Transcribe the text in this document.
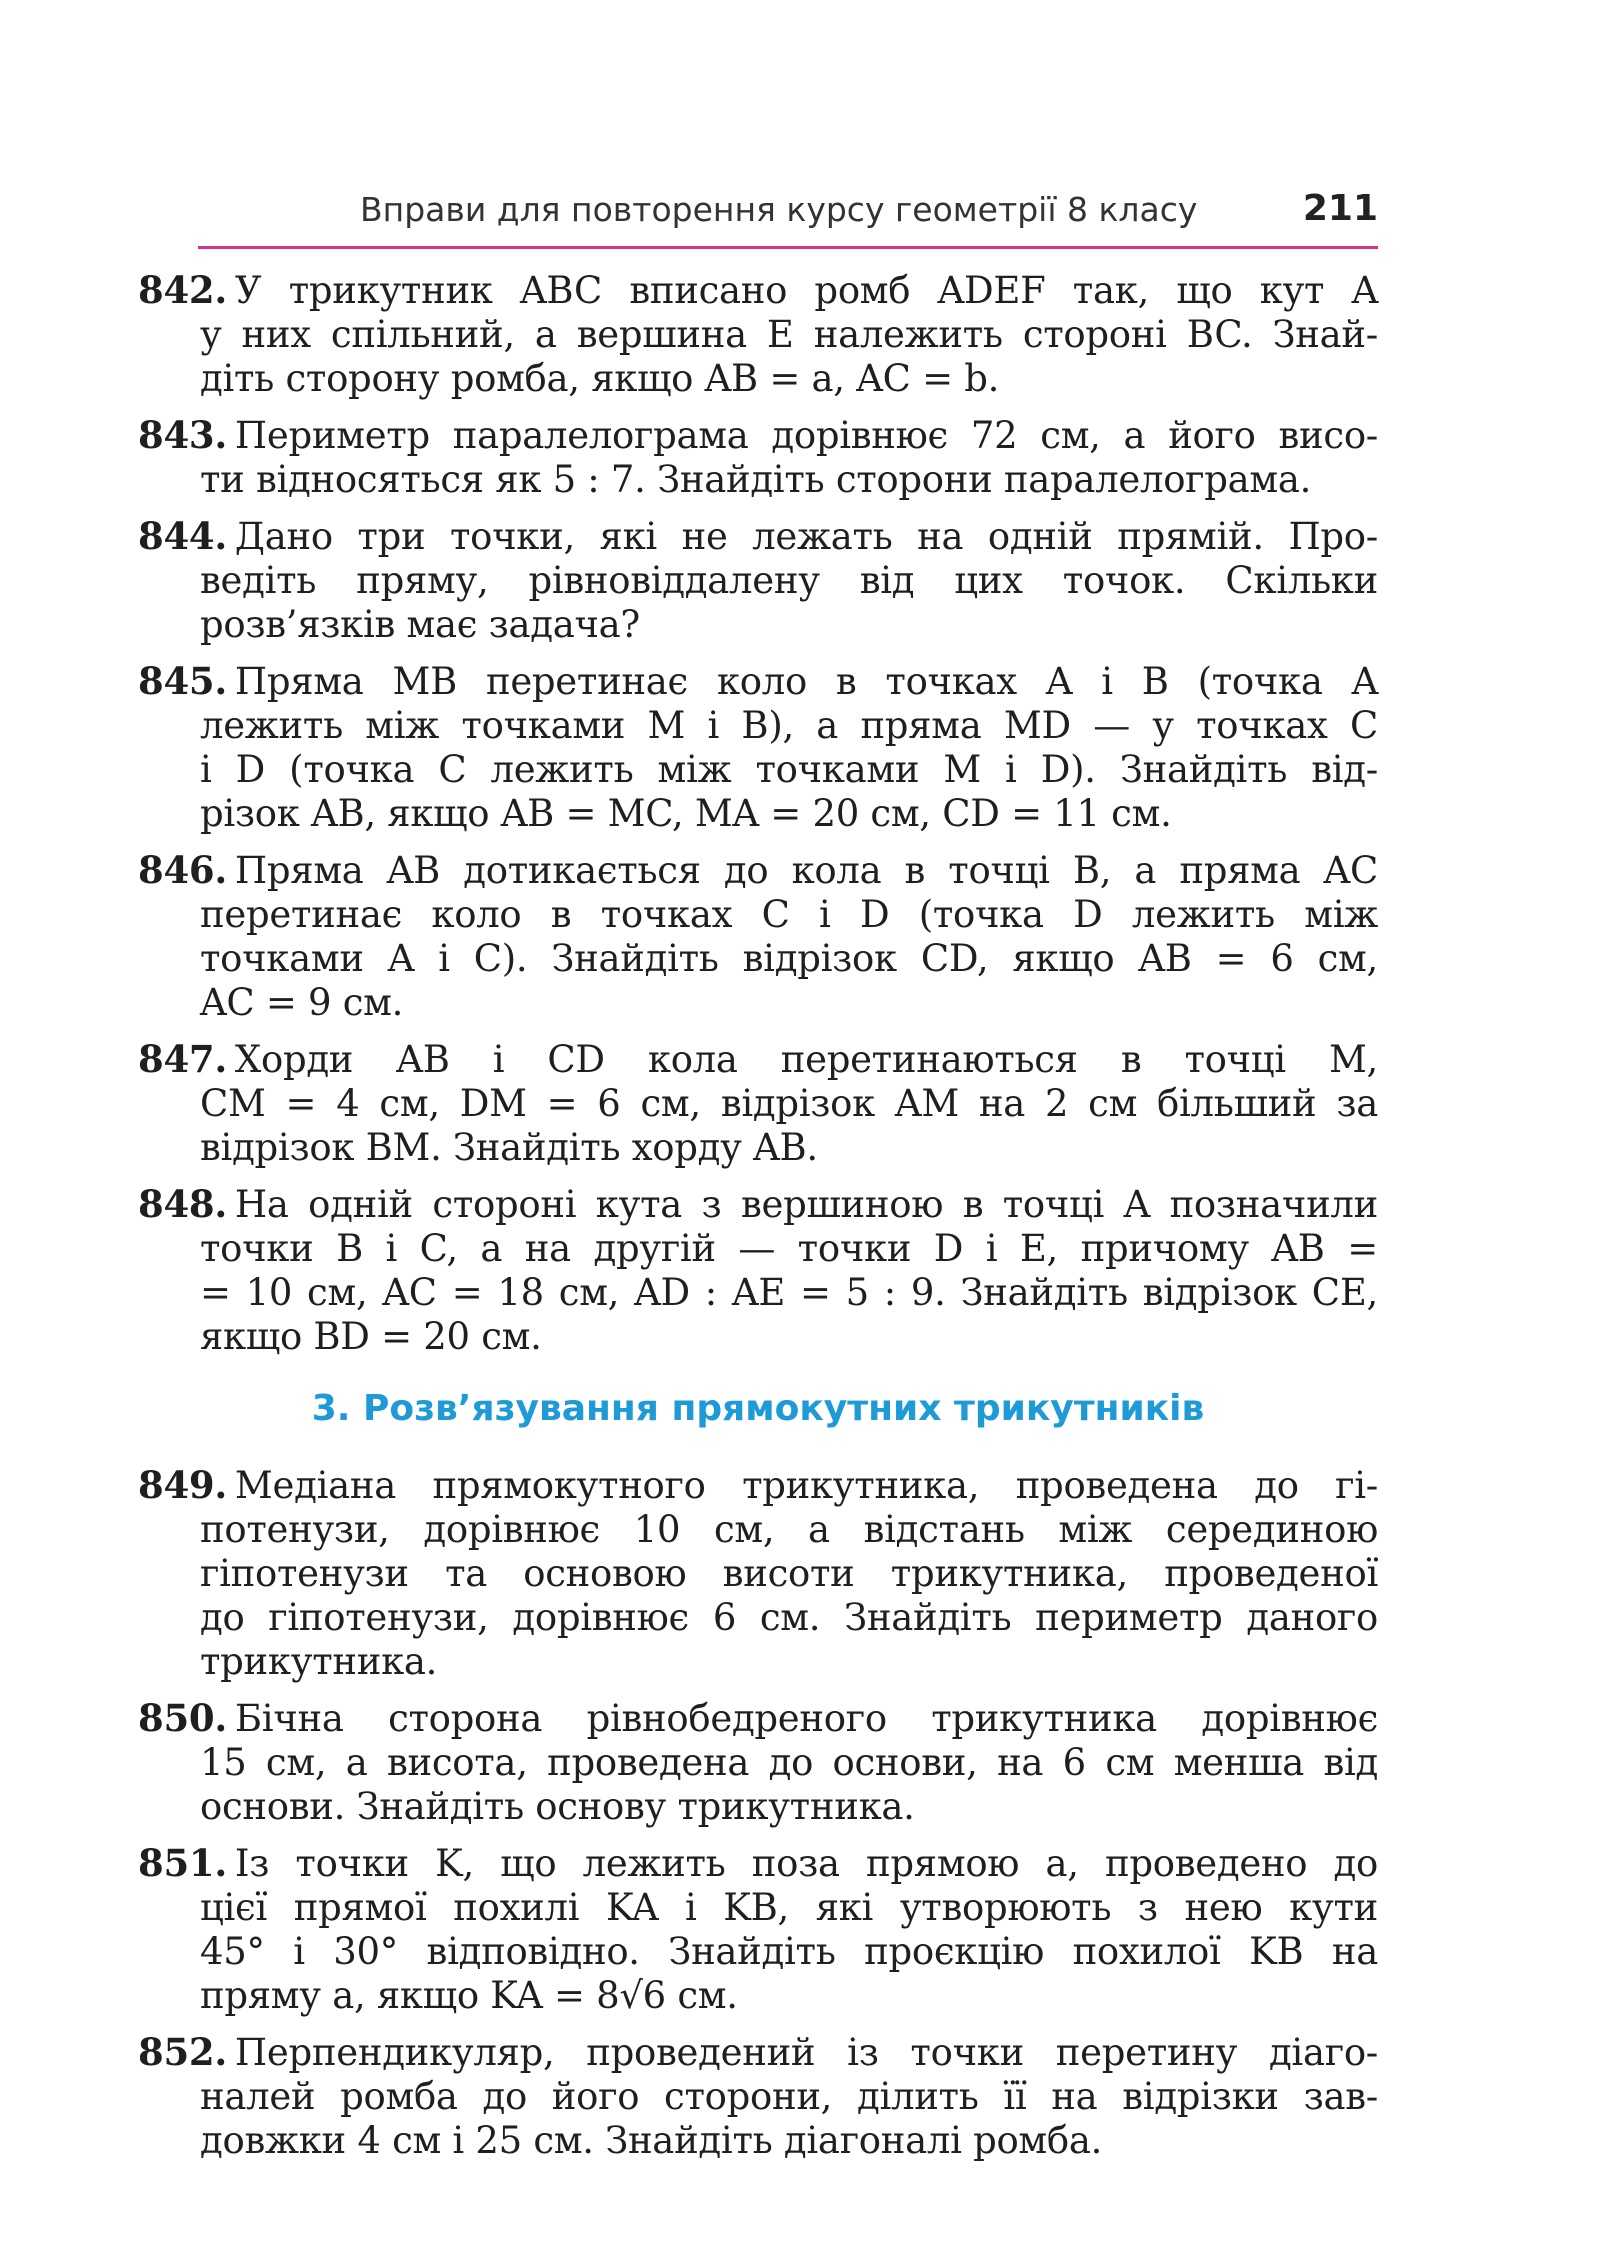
Вправи для повторення курсу геометрії 8 класу	211
842. У трикутник ABC вписано ромб ADEF так, що кут A
у них спільний, а вершина E належить стороні BC. Знай-
діть сторону ромба, якщо AB = a, AC = b.
843. Периметр паралелограма дорівнює 72 см, а його висо-
ти відносяться як 5 : 7. Знайдіть сторони паралелограма.
844. Дано три точки, які не лежать на одній прямій. Про-
ведіть пряму, рівновіддалену від цих точок. Скільки
розв’язків має задача?
845. Пряма MB перетинає коло в точках A і B (точка A
лежить між точками M і B), а пряма MD — у точках C
і D (точка C лежить між точками M і D). Знайдіть від-
різок AB, якщо AB = MC, MA = 20 см, CD = 11 см.
846. Пряма AB дотикається до кола в точці B, а пряма AC
перетинає коло в точках C і D (точка D лежить між
точками A і C). Знайдіть відрізок CD, якщо AB = 6 см,
AC = 9 см.
847. Хорди AB і CD кола перетинаються в точці M,
CM = 4 см, DM = 6 см, відрізок AM на 2 см більший за
відрізок BM. Знайдіть хорду AB.
848. На одній стороні кута з вершиною в точці A позначили
точки B і C, а на другій — точки D і E, причому AB =
= 10 см, AC = 18 см, AD : AE = 5 : 9. Знайдіть відрізок CE,
якщо BD = 20 см.
3. Розв’язування прямокутних трикутників
849. Медіана прямокутного трикутника, проведена до гі-
потенузи, дорівнює 10 см, а відстань між серединою
гіпотенузи та основою висоти трикутника, проведеної
до гіпотенузи, дорівнює 6 см. Знайдіть периметр даного
трикутника.
850. Бічна сторона рівнобедреного трикутника дорівнює
15 см, а висота, проведена до основи, на 6 см менша від
основи. Знайдіть основу трикутника.
851. Із точки K, що лежить поза прямою a, проведено до
цієї прямої похилі KA і KB, які утворюють з нею кути
45° і 30° відповідно. Знайдіть проєкцію похилої KB на
пряму a, якщо KA = 8√6 см.
852. Перпендикуляр, проведений із точки перетину діаго-
налей ромба до його сторони, ділить її на відрізки зав-
довжки 4 см і 25 см. Знайдіть діагоналі ромба.
